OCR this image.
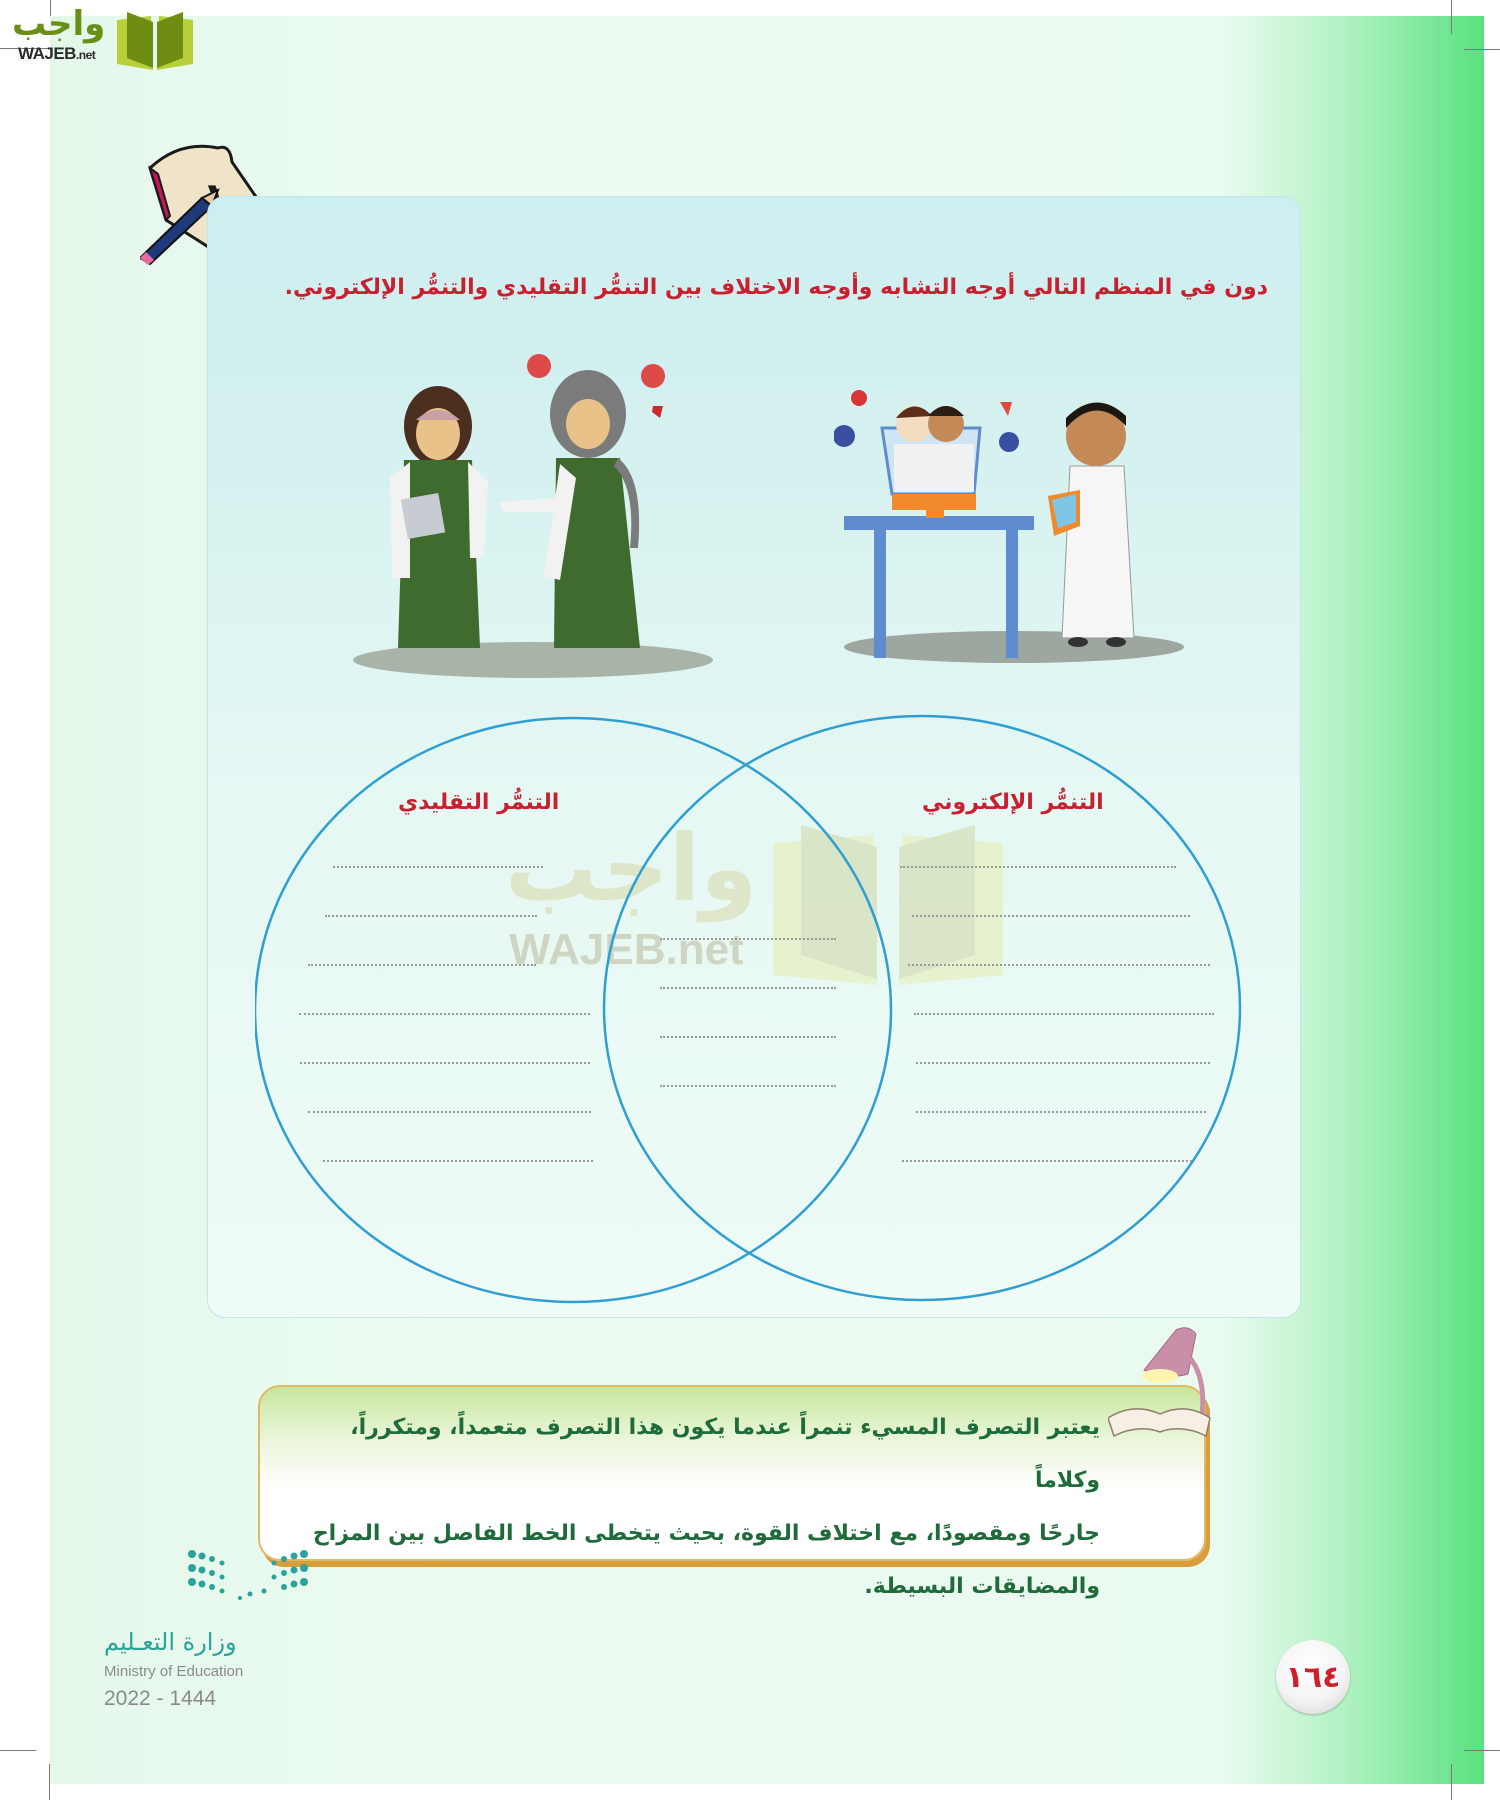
واجب
WAJEB.net
دون في المنظم التالي أوجه التشابه وأوجه الاختلاف بين التنمُّر التقليدي والتنمُّر الإلكتروني.
واجب
WAJEB.net
التنمُّر التقليدي	التنمُّر الإلكتروني
يعتبر التصرف المسيء تنمراً عندما يكون هذا التصرف متعمداً، ومتكرراً، وكلاماً
جارحًا ومقصودًا، مع اختلاف القوة، بحيث يتخطى الخط الفاصل بين المزاح
والمضايقات البسيطة.
وزارة التعـليم
Ministry of Education
2022 - 1444
١٦٤
